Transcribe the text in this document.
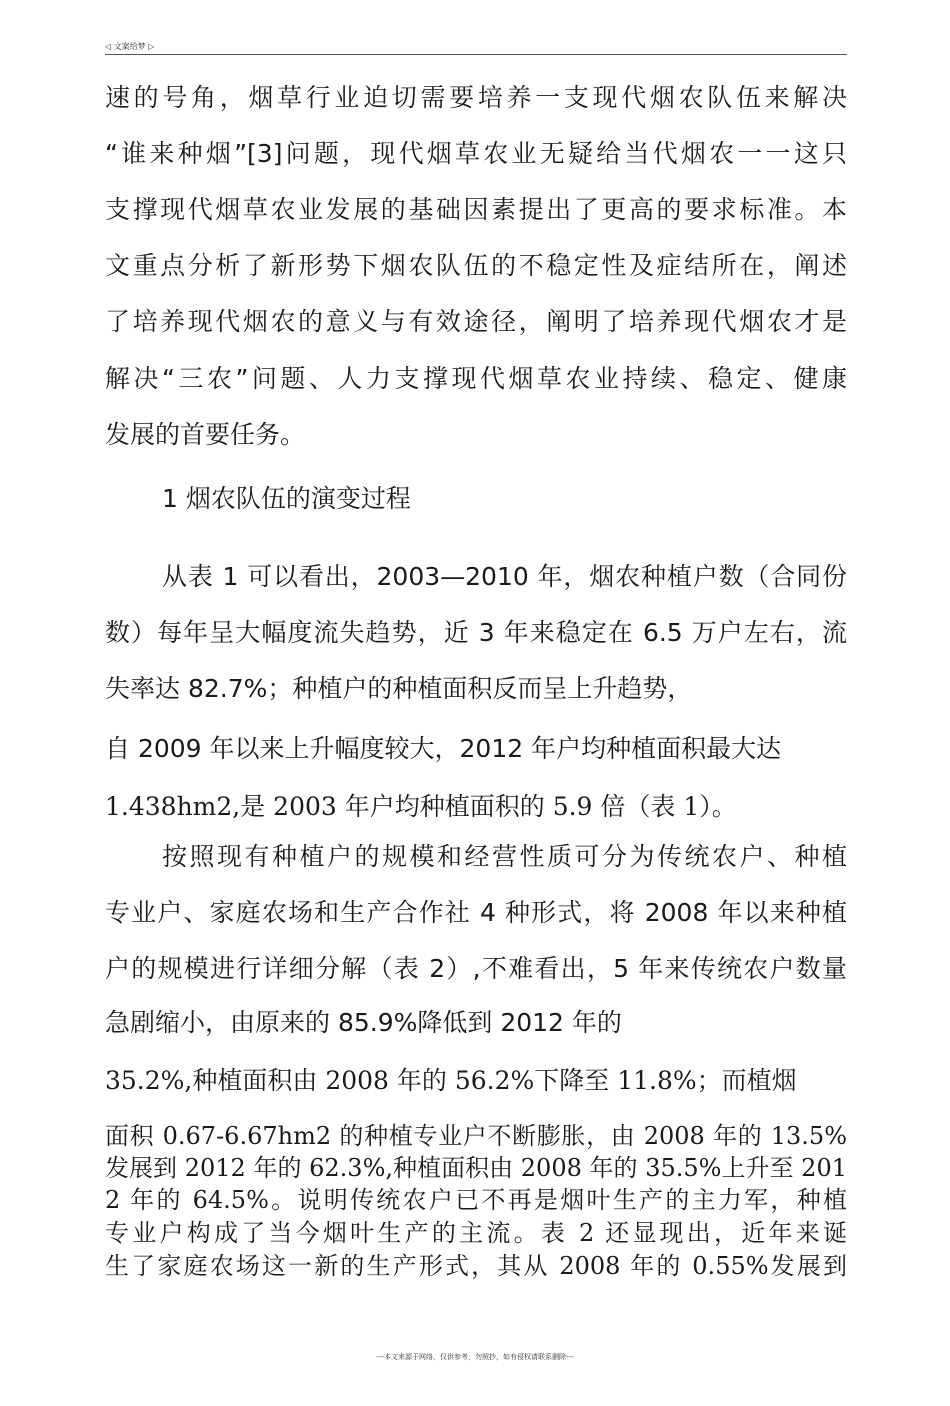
◁ 文案给梦 ▷
速的号角，烟草行业迫切需要培养一支现代烟农队伍来解决
“谁来种烟”[3]问题，现代烟草农业无疑给当代烟农一一这只
支撑现代烟草农业发展的基础因素提出了更高的要求标准。本
文重点分析了新形势下烟农队伍的不稳定性及症结所在，阐述
了培养现代烟农的意义与有效途径，阐明了培养现代烟农才是
解决“三农”问题、人力支撑现代烟草农业持续、稳定、健康
发展的首要任务。
1 烟农队伍的演变过程
从表 1 可以看出，2003—2010 年，烟农种植户数（合同份
数）每年呈大幅度流失趋势，近 3 年来稳定在 6.5 万户左右，流
失率达 82.7%；种植户的种植面积反而呈上升趋势，
自 2009 年以来上升幅度较大，2012 年户均种植面积最大达
1.438hm2,是 2003 年户均种植面积的 5.9 倍（表 1）。
按照现有种植户的规模和经营性质可分为传统农户、种植
专业户、家庭农场和生产合作社 4 种形式，将 2008 年以来种植
户的规模进行详细分解（表 2）,不难看出，5 年来传统农户数量
急剧缩小，由原来的 85.9%降低到 2012 年的
35.2%,种植面积由 2008 年的 56.2%下降至 11.8%；而植烟
面积 0.67-6.67hm2 的种植专业户不断膨胀，由 2008 年的 13.5%
发展到 2012 年的 62.3%,种植面积由 2008 年的 35.5%上升至 201
2 年的 64.5%。说明传统农户已不再是烟叶生产的主力军，种植
专业户构成了当今烟叶生产的主流。表 2 还显现出，近年来诞
生了家庭农场这一新的生产形式，其从 2008 年的 0.55%发展到
---本文来源于网络，仅供参考，勿照抄，如有侵权请联系删除---
